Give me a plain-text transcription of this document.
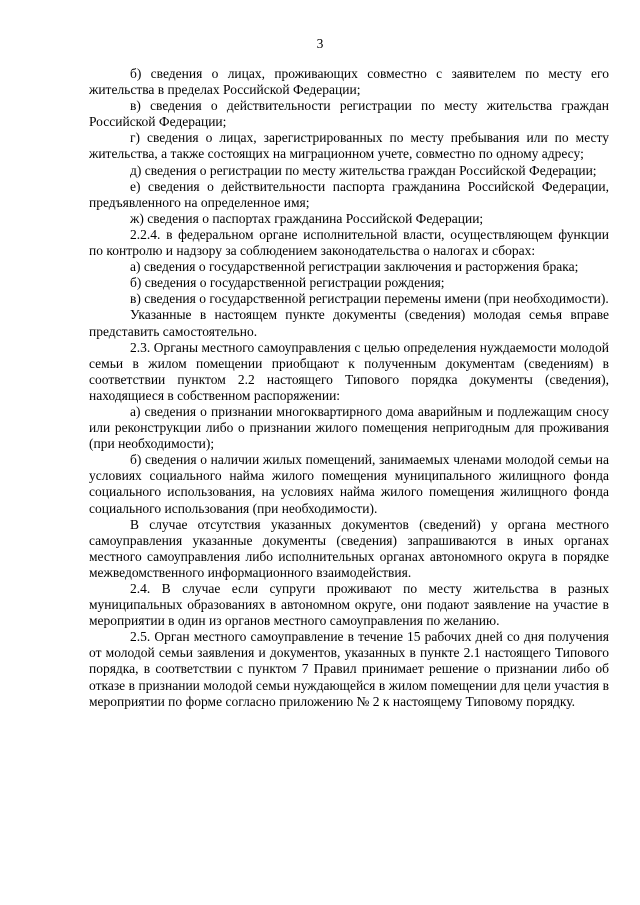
3

б) сведения о лицах, проживающих совместно с заявителем по месту его жительства в пределах Российской Федерации;

в) сведения о действительности регистрации по месту жительства граждан Российской Федерации;

г) сведения о лицах, зарегистрированных по месту пребывания или по месту жительства, а также состоящих на миграционном учете, совместно по одному адресу;

д) сведения о регистрации по месту жительства граждан Российской Федерации;

е) сведения о действительности паспорта гражданина Российской Федерации, предъявленного на определенное имя;

ж) сведения о паспортах гражданина Российской Федерации;

2.2.4. в федеральном органе исполнительной власти, осуществляющем функции по контролю и надзору за соблюдением законодательства о налогах и сборах:

а) сведения о государственной регистрации заключения и расторжения брака;

б) сведения о государственной регистрации рождения;

в) сведения о государственной регистрации перемены имени (при необходимости).

Указанные в настоящем пункте документы (сведения) молодая семья вправе представить самостоятельно.

2.3. Органы местного самоуправления с целью определения нуждаемости молодой семьи в жилом помещении приобщают к полученным документам (сведениям) в соответствии пунктом 2.2 настоящего Типового порядка документы (сведения), находящиеся в собственном распоряжении:

а) сведения о признании многоквартирного дома аварийным и подлежащим сносу или реконструкции либо о признании жилого помещения непригодным для проживания (при необходимости);

б) сведения о наличии жилых помещений, занимаемых членами молодой семьи на условиях социального найма жилого помещения муниципального жилищного фонда социального использования, на условиях найма жилого помещения жилищного фонда социального использования (при необходимости).

В случае отсутствия указанных документов (сведений) у органа местного самоуправления указанные документы (сведения) запрашиваются в иных органах местного самоуправления либо исполнительных органах автономного округа в порядке межведомственного информационного взаимодействия.

2.4. В случае если супруги проживают по месту жительства в разных муниципальных образованиях в автономном округе, они подают заявление на участие в мероприятии в один из органов местного самоуправления по желанию.

2.5. Орган местного самоуправление в течение 15 рабочих дней со дня получения от молодой семьи заявления и документов, указанных в пункте 2.1 настоящего Типового порядка, в соответствии с пунктом 7 Правил принимает решение о признании либо об отказе в признании молодой семьи нуждающейся в жилом помещении для цели участия в мероприятии по форме согласно приложению № 2 к настоящему Типовому порядку.
